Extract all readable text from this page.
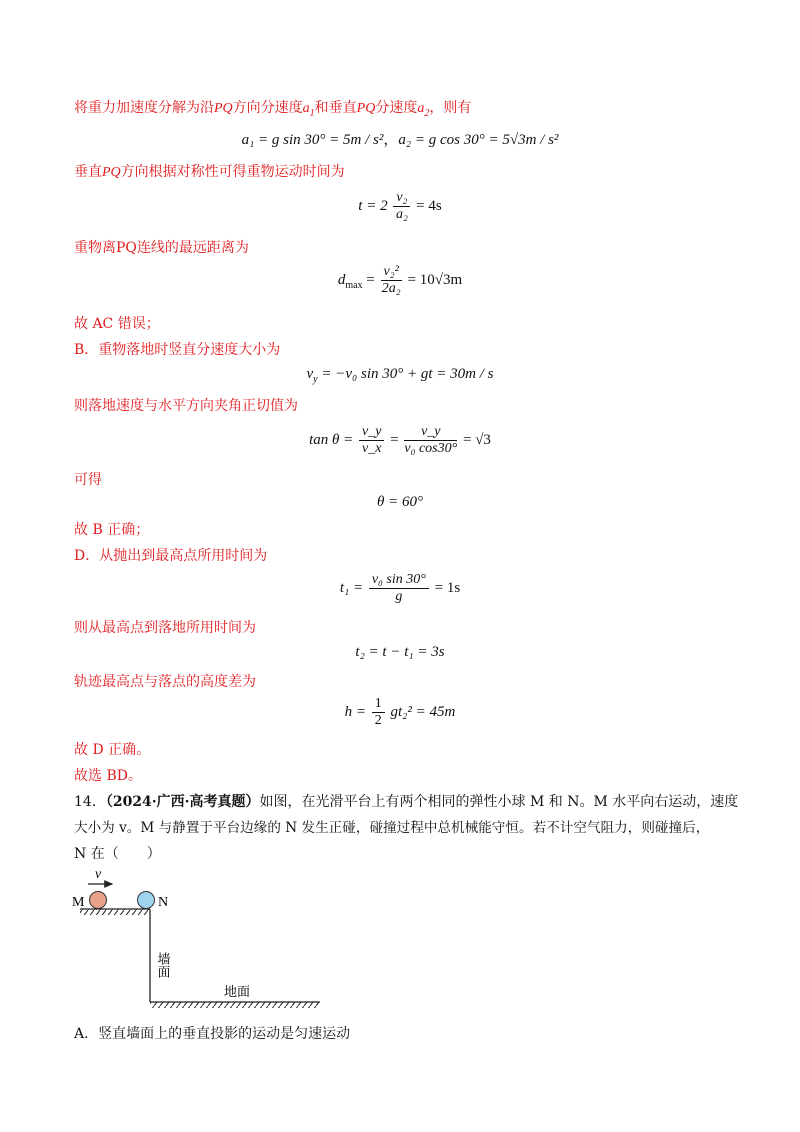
将重力加速度分解为沿PQ方向分速度$a_1$和垂直PQ分速度$a_2$，则有
a₁ = g sin 30° = 5m / s²，a₂ = g cos 30° = 5√3m / s²
垂直PQ方向根据对称性可得重物运动时间为
$t = 2 \frac{\text{v₂}}{\text{a₂}} = 4s$
重物离PQ连线的最远距离为
$d_{max} = \frac{\text{v₂²}}{\text{2a₂}} = 10√3m$
故 AC 错误；
B．重物落地时竖直分速度大小为
$v_y = -v_0$ sin 30° + gt = 30m / s
则落地速度与水平方向夹角正切值为
$\tan \theta = \frac{v\_y}{v\_x} = \frac{v\_y}{\text{v₀ cos30°}} = √3$
可得
θ = 60°
故 B 正确；
D．从抛出到最高点所用时间为
$t_1 = \frac{\text{v₀ sin 30°}}{g} = 1s$
则从最高点到落地所用时间为
t₂ = t − t₁ = 3s
轨迹最高点与落点的高度差为
$h = \frac{1}{2} gt_2^2 = 45m$
故 D 正确。
故选 BD。
14．（2024·广西·高考真题）如图，在光滑平台上有两个相同的弹性小球 M 和 N。M 水平向右运动，速度
大小为 v。M 与静置于平台边缘的 N 发生正碰，碰撞过程中总机械能守恒。若不计空气阻力，则碰撞后，
N 在（　　）
v
M	N
墙面
地面
A．竖直墙面上的垂直投影的运动是匀速运动
